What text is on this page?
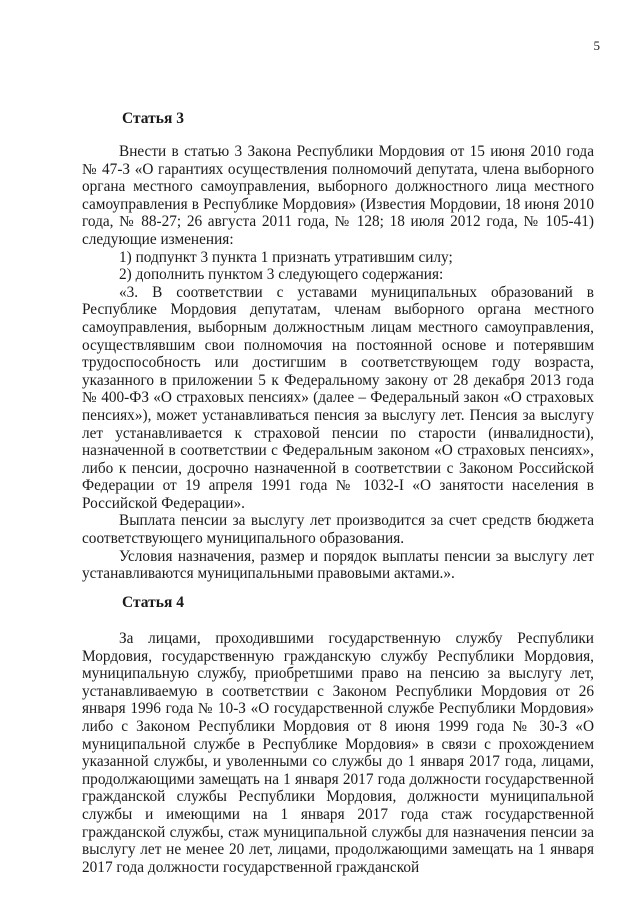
5
Статья 3

Внести в статью 3 Закона Республики Мордовия от 15 июня 2010 года № 47-З «О гарантиях осуществления полномочий депутата, члена выборного органа местного самоуправления, выборного должностного лица местного самоуправления в Республике Мордовия» (Известия Мордовии, 18 июня 2010 года, № 88-27; 26 августа 2011 года, № 128; 18 июля 2012 года, № 105-41) следующие изменения:

1) подпункт 3 пункта 1 признать утратившим силу;

2) дополнить пунктом 3 следующего содержания:

«3. В соответствии с уставами муниципальных образований в Республике Мордовия депутатам, членам выборного органа местного самоуправления, выборным должностным лицам местного самоуправления, осуществлявшим свои полномочия на постоянной основе и потерявшим трудоспособность или достигшим в соответствующем году возраста, указанного в приложении 5 к Федеральному закону от 28 декабря 2013 года № 400-ФЗ «О страховых пенсиях» (далее – Федеральный закон «О страховых пенсиях»), может устанавливаться пенсия за выслугу лет. Пенсия за выслугу лет устанавливается к страховой пенсии по старости (инвалидности), назначенной в соответствии с Федеральным законом «О страховых пенсиях», либо к пенсии, досрочно назначенной в соответствии с Законом Российской Федерации от 19 апреля 1991 года № 1032-I «О занятости населения в Российской Федерации».

Выплата пенсии за выслугу лет производится за счет средств бюджета соответствующего муниципального образования.

Условия назначения, размер и порядок выплаты пенсии за выслугу лет устанавливаются муниципальными правовыми актами.».

Статья 4

За лицами, проходившими государственную службу Республики Мордовия, государственную гражданскую службу Республики Мордовия, муниципальную службу, приобретшими право на пенсию за выслугу лет, устанавливаемую в соответствии с Законом Республики Мордовия от 26 января 1996 года № 10-З «О государственной службе Республики Мордовия» либо с Законом Республики Мордовия от 8 июня 1999 года № 30-З «О муниципальной службе в Республике Мордовия» в связи с прохождением указанной службы, и уволенными со службы до 1 января 2017 года, лицами, продолжающими замещать на 1 января 2017 года должности государственной гражданской службы Республики Мордовия, должности муниципальной службы и имеющими на 1 января 2017 года стаж государственной гражданской службы, стаж муниципальной службы для назначения пенсии за выслугу лет не менее 20 лет, лицами, продолжающими замещать на 1 января 2017 года должности государственной гражданской
